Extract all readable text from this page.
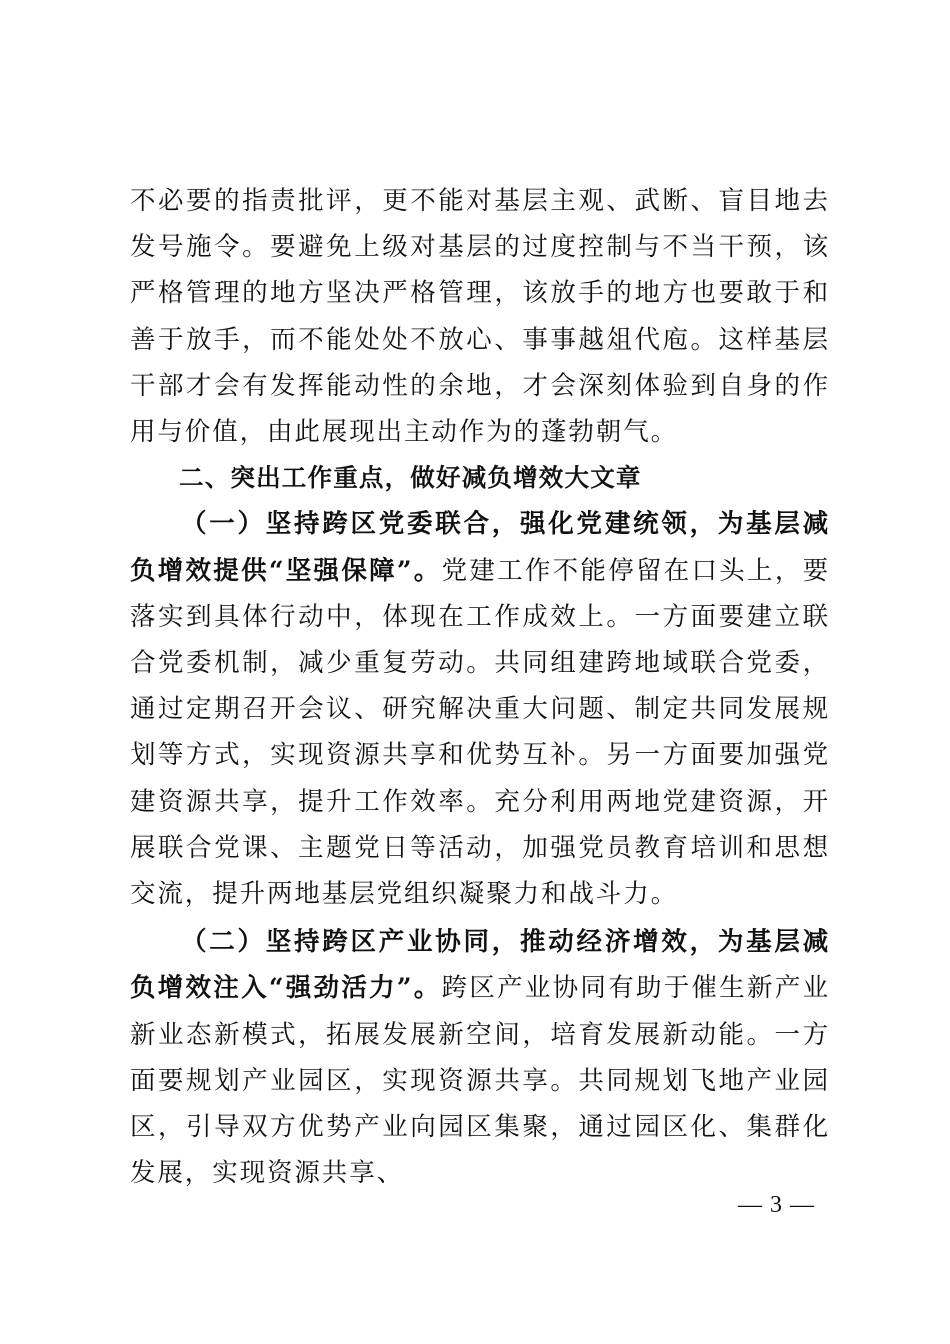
不必要的指责批评，更不能对基层主观、武断、盲目地去发号施令。要避免上级对基层的过度控制与不当干预，该严格管理的地方坚决严格管理，该放手的地方也要敢于和善于放手，而不能处处不放心、事事越俎代庖。这样基层干部才会有发挥能动性的余地，才会深刻体验到自身的作用与价值，由此展现出主动作为的蓬勃朝气。

二、突出工作重点，做好减负增效大文章

（一）坚持跨区党委联合，强化党建统领，为基层减负增效提供“坚强保障”。党建工作不能停留在口头上，要落实到具体行动中，体现在工作成效上。一方面要建立联合党委机制，减少重复劳动。共同组建跨地域联合党委，通过定期召开会议、研究解决重大问题、制定共同发展规划等方式，实现资源共享和优势互补。另一方面要加强党建资源共享，提升工作效率。充分利用两地党建资源，开展联合党课、主题党日等活动，加强党员教育培训和思想交流，提升两地基层党组织凝聚力和战斗力。

（二）坚持跨区产业协同，推动经济增效，为基层减负增效注入“强劲活力”。跨区产业协同有助于催生新产业新业态新模式，拓展发展新空间，培育发展新动能。一方面要规划产业园区，实现资源共享。共同规划飞地产业园区，引导双方优势产业向园区集聚，通过园区化、集群化发展，实现资源共享、

— 3 —
